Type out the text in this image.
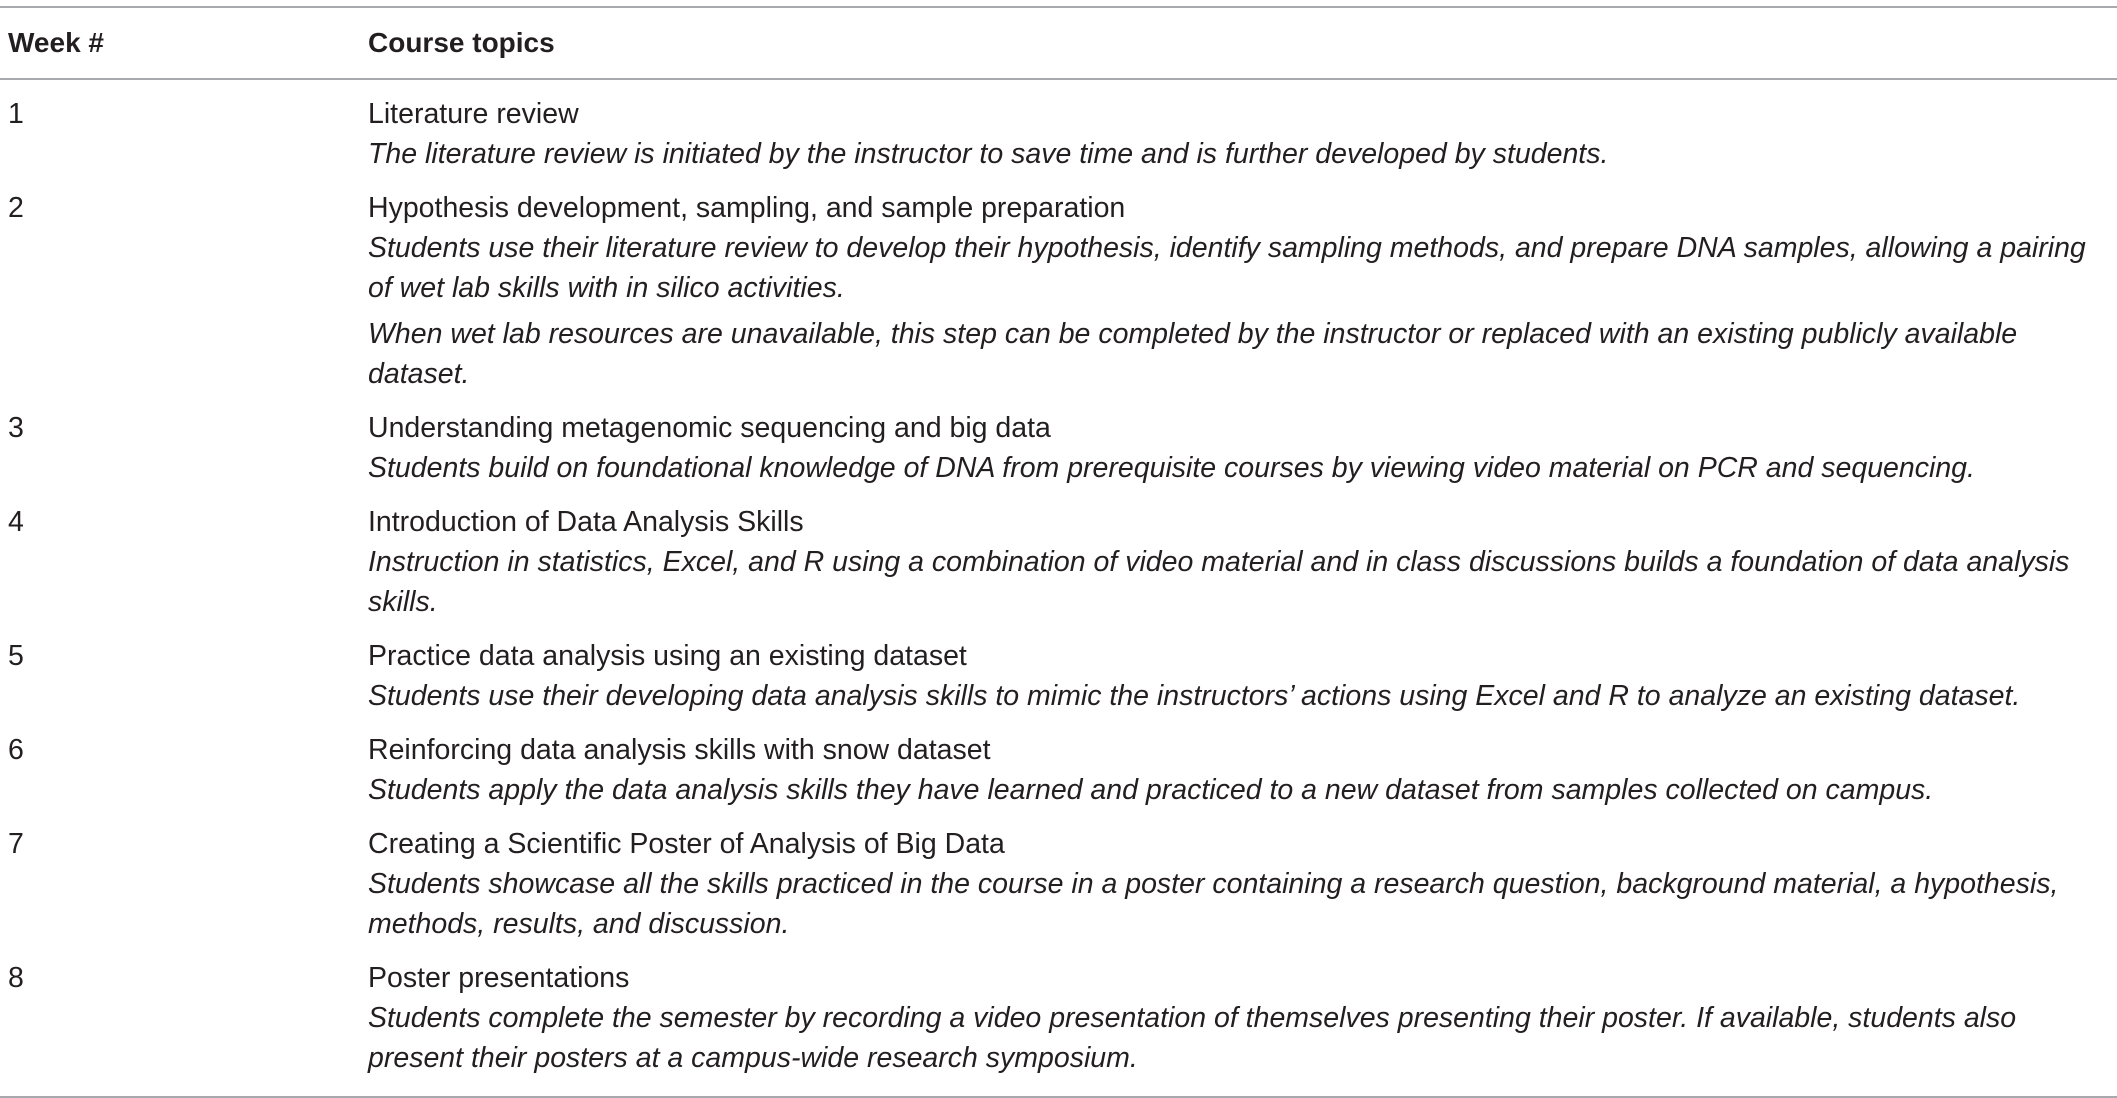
Week #	Course topics

1	Literature review
The literature review is initiated by the instructor to save time and is further developed by students.

2	Hypothesis development, sampling, and sample preparation
Students use their literature review to develop their hypothesis, identify sampling methods, and prepare DNA samples, allowing a pairing of wet lab skills with in silico activities.
When wet lab resources are unavailable, this step can be completed by the instructor or replaced with an existing publicly available dataset.

3	Understanding metagenomic sequencing and big data
Students build on foundational knowledge of DNA from prerequisite courses by viewing video material on PCR and sequencing.

4	Introduction of Data Analysis Skills
Instruction in statistics, Excel, and R using a combination of video material and in class discussions builds a foundation of data analysis skills.

5	Practice data analysis using an existing dataset
Students use their developing data analysis skills to mimic the instructors’ actions using Excel and R to analyze an existing dataset.

6	Reinforcing data analysis skills with snow dataset
Students apply the data analysis skills they have learned and practiced to a new dataset from samples collected on campus.

7	Creating a Scientific Poster of Analysis of Big Data
Students showcase all the skills practiced in the course in a poster containing a research question, background material, a hypothesis, methods, results, and discussion.

8	Poster presentations
Students complete the semester by recording a video presentation of themselves presenting their poster. If available, students also present their posters at a campus-wide research symposium.
